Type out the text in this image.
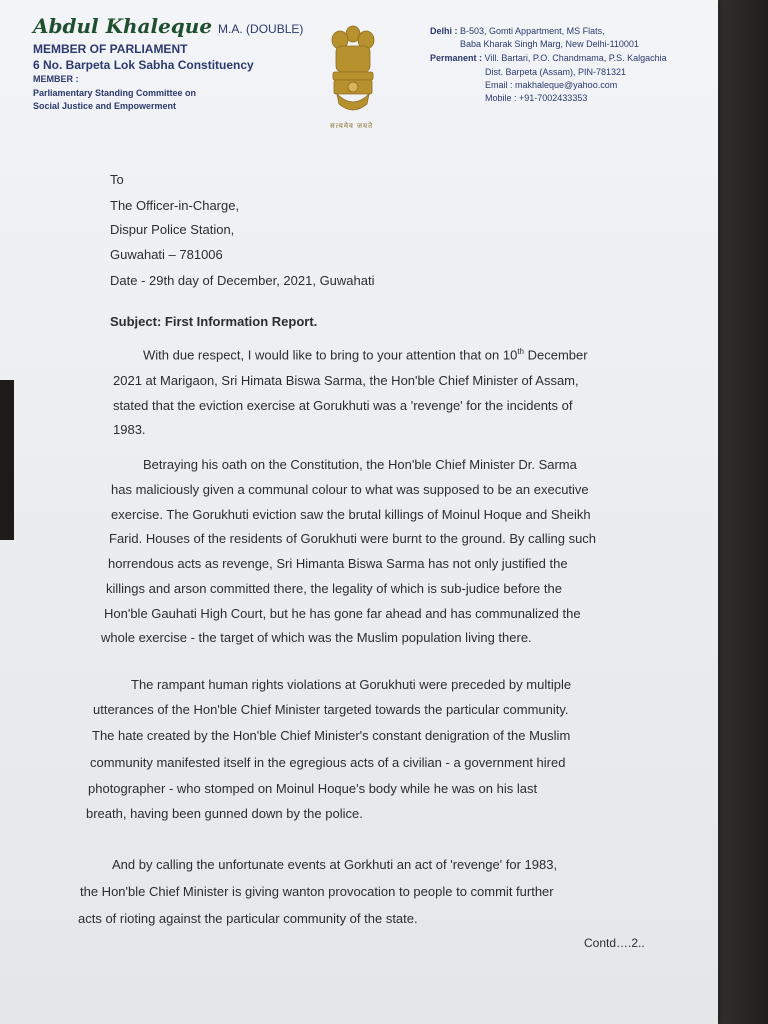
Abdul Khaleque M.A. (DOUBLE)
MEMBER OF PARLIAMENT
6 No. Barpeta Lok Sabha Constituency
MEMBER :
Parliamentary Standing Committee on
Social Justice and Empowerment
सत्यमेव जयते
Delhi : B-503, Gomti Appartment, MS Flats,
Baba Kharak Singh Marg, New Delhi-110001
Permanent : Vill. Bartari, P.O. Chandmama, P.S. Kalgachia
Dist. Barpeta (Assam), PIN-781321
Email : makhaleque@yahoo.com
Mobile : +91-7002433353
To
The Officer-in-Charge,
Dispur Police Station,
Guwahati – 781006
Date - 29th day of December, 2021, Guwahati
Subject: First Information Report.
With due respect, I would like to bring to your attention that on 10th December
2021 at Marigaon, Sri Himata Biswa Sarma, the Hon'ble Chief Minister of Assam,
stated that the eviction exercise at Gorukhuti was a 'revenge' for the incidents of
1983.
Betraying his oath on the Constitution, the Hon'ble Chief Minister Dr. Sarma
has maliciously given a communal colour to what was supposed to be an executive
exercise. The Gorukhuti eviction saw the brutal killings of Moinul Hoque and Sheikh
Farid. Houses of the residents of Gorukhuti were burnt to the ground. By calling such
horrendous acts as revenge, Sri Himanta Biswa Sarma has not only justified the
killings and arson committed there, the legality of which is sub-judice before the
Hon'ble Gauhati High Court, but he has gone far ahead and has communalized the
whole exercise - the target of which was the Muslim population living there.
The rampant human rights violations at Gorukhuti were preceded by multiple
utterances of the Hon'ble Chief Minister targeted towards the particular community.
The hate created by the Hon'ble Chief Minister's constant denigration of the Muslim
community manifested itself in the egregious acts of a civilian - a government hired
photographer - who stomped on Moinul Hoque's body while he was on his last
breath, having been gunned down by the police.
And by calling the unfortunate events at Gorkhuti an act of 'revenge' for 1983,
the Hon'ble Chief Minister is giving wanton provocation to people to commit further
acts of rioting against the particular community of the state.
Contd….2..
